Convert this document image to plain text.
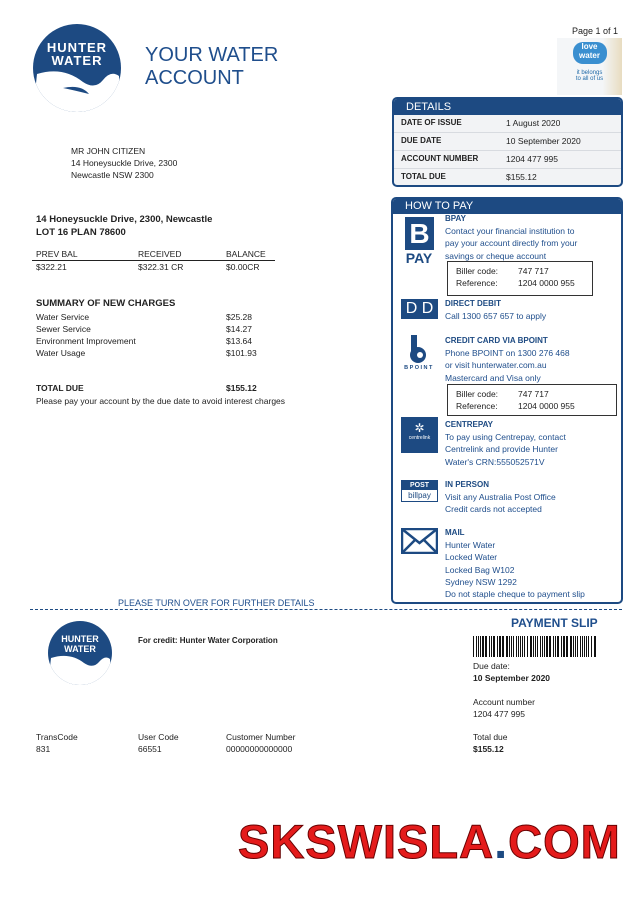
HUNTER
WATER	YOUR WATER
ACCOUNT
Page 1 of 1
love
water
it belongs
to all of us
DETAILS
DATE OF ISSUE	1 August 2020
DUE DATE	10 September 2020
ACCOUNT NUMBER	1204 477 995
TOTAL DUE	$155.12
MR JOHN CITIZEN
14 Honeysuckle Drive, 2300
Newcastle NSW 2300
14 Honeysuckle Drive, 2300, Newcastle
LOT 16 PLAN 78600
PREV BAL	RECEIVED	BALANCE
$322.21	$322.31 CR	$0.00CR
SUMMARY OF NEW CHARGES
Water Service	$25.28
Sewer Service	$14.27
Environment Improvement	$13.64
Water Usage	$101.93
TOTAL DUE	$155.12
Please pay your account by the due date to avoid interest charges
HOW TO PAY
B
PAY
BPAY
Contact your financial institution to
pay your account directly from your
savings or cheque account
Biller code: 747 717
Reference: 1204 0000 955
D D	DIRECT DEBIT
Call 1300 657 657 to apply
BPOINT
CREDIT CARD VIA BPOINT
Phone BPOINT on 1300 276 468
or visit hunterwater.com.au
Mastercard and Visa only
Biller code: 747 717
Reference: 1204 0000 955
✲
centrelink
CENTREPAY
To pay using Centrepay, contact
Centrelink and provide Hunter
Water's CRN:555052571V
POST
billpay
IN PERSON
Visit any Australia Post Office
Credit cards not accepted
MAIL
Hunter Water
Locked Water
Locked Bag W102
Sydney NSW 1292
Do not staple cheque to payment slip
PLEASE TURN OVER FOR FURTHER DETAILS
HUNTER
WATER
For credit: Hunter Water Corporation
PAYMENT SLIP
Due date:
10 September 2020
Account number
1204 477 995
Total due
$155.12
TransCode
831
User Code
66551
Customer Number
00000000000000
SKSWISLA.COM
